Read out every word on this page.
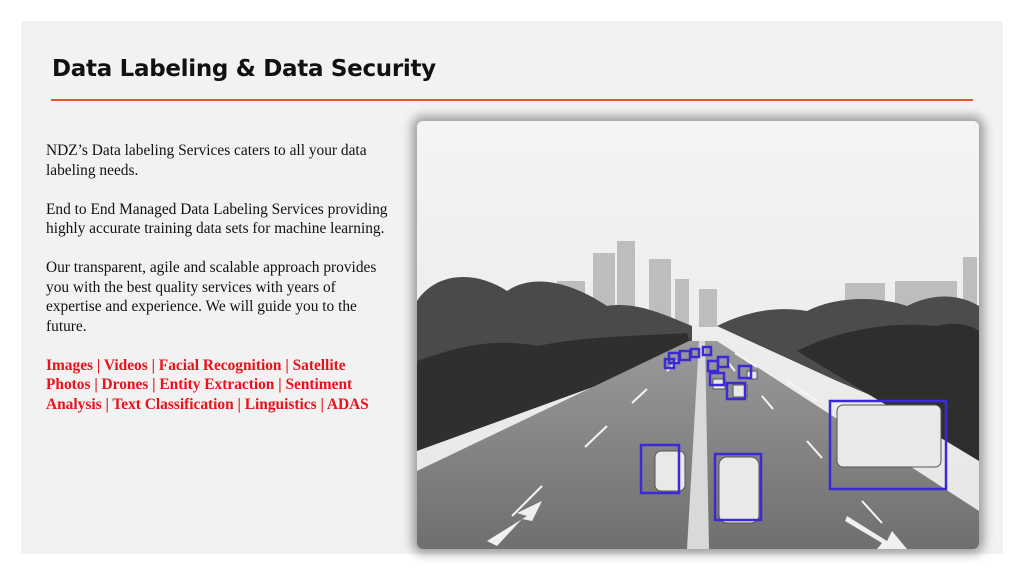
Data Labeling & Data Security

NDZ’s Data labeling Services caters to all your data labeling needs.

End to End Managed Data Labeling Services providing highly accurate training data sets for machine learning.

Our transparent, agile and scalable approach provides you with the best quality services with years of expertise and experience. We will guide you to the future.

Images | Videos | Facial Recognition | Satellite Photos | Drones | Entity Extraction | Sentiment Analysis | Text Classification | Linguistics | ADAS
